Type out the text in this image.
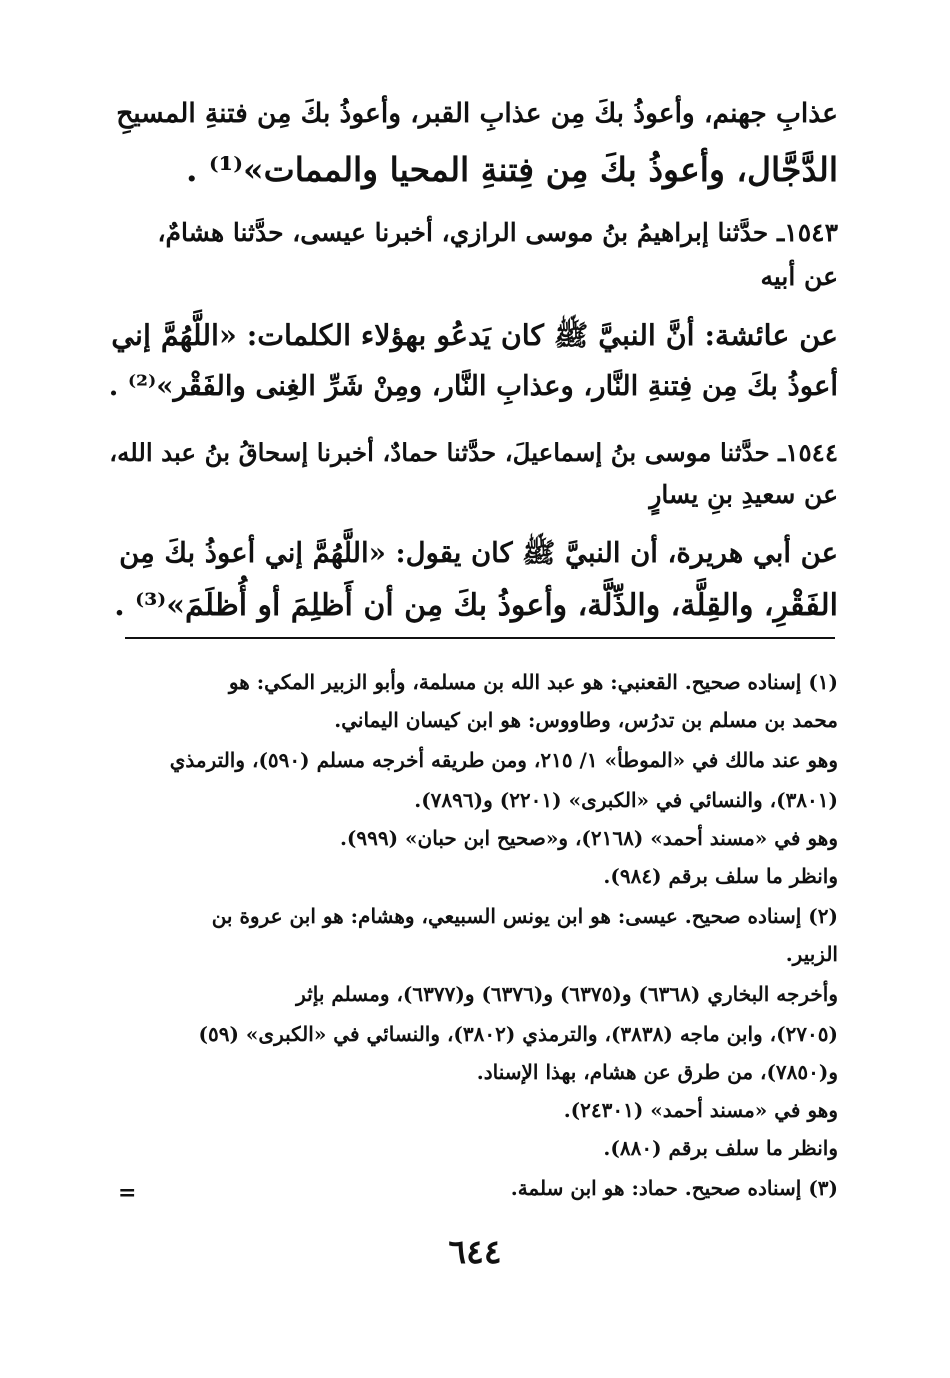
عذابِ جهنم، وأعوذُ بكَ مِن عذابِ القبر، وأعوذُ بكَ مِن فتنةِ المسيحِ
الدَّجَّال، وأعوذُ بكَ مِن فِتنةِ المحيا والممات»⁽¹⁾ .
١٥٤٣ـ حدَّثنا إبراهيمُ بنُ موسى الرازي، أخبرنا عيسى، حدَّثنا هشامٌ،
عن أبيه
عن عائشة: أنَّ النبيَّ ﷺ كان يَدعُو بهؤلاء الكلمات: «اللَّهُمَّ إني
أعوذُ بكَ مِن فِتنةِ النَّار، وعذابِ النَّار، ومِنْ شَرِّ الغِنى والفَقْر»⁽²⁾ .
١٥٤٤ـ حدَّثنا موسى بنُ إسماعيلَ، حدَّثنا حمادٌ، أخبرنا إسحاقُ بنُ عبد الله،
عن سعيدِ بنِ يسارٍ
عن أبي هريرة، أن النبيَّ ﷺ كان يقول: «اللَّهُمَّ إني أعوذُ بكَ مِن
الفَقْرِ، والقِلَّة، والذِّلَّة، وأعوذُ بكَ مِن أن أَظلِمَ أو أُظلَمَ»⁽³⁾ .
(١) إسناده صحيح. القعنبي: هو عبد الله بن مسلمة، وأبو الزبير المكي: هو
محمد بن مسلم بن تدرُس، وطاووس: هو ابن كيسان اليماني.
وهو عند مالك في «الموطأ» ١/ ٢١٥، ومن طريقه أخرجه مسلم (٥٩٠)، والترمذي
(٣٨٠١)، والنسائي في «الكبرى» (٢٢٠١) و(٧٨٩٦).
وهو في «مسند أحمد» (٢١٦٨)، و«صحيح ابن حبان» (٩٩٩).
وانظر ما سلف برقم (٩٨٤).
(٢) إسناده صحيح. عيسى: هو ابن يونس السبيعي، وهشام: هو ابن عروة بن
الزبير.
وأخرجه البخاري (٦٣٦٨) و(٦٣٧٥) و(٦٣٧٦) و(٦٣٧٧)، ومسلم بإثر
(٢٧٠٥)، وابن ماجه (٣٨٣٨)، والترمذي (٣٨٠٢)، والنسائي في «الكبرى» (٥٩)
و(٧٨٥٠)، من طرق عن هشام، بهذا الإسناد.
وهو في «مسند أحمد» (٢٤٣٠١).
وانظر ما سلف برقم (٨٨٠).
(٣) إسناده صحيح. حماد: هو ابن سلمة.
=
٦٤٤
